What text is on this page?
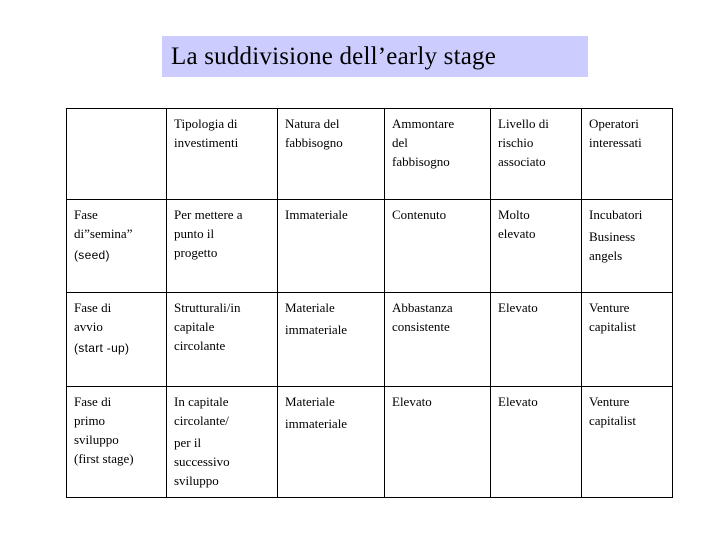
La suddivisione dell’early stage

	Tipologia di
investimenti	Natura del
fabbisogno	Ammontare
del
fabbisogno	Livello di
rischio
associato	Operatori
interessati

Fase
di”semina”
(seed)	Per mettere a
punto il
progetto	Immateriale	Contenuto	Molto
elevato	Incubatori
Business
angels

Fase di
avvio
(start -up)	Strutturali/in
capitale
circolante	Materiale
immateriale	Abbastanza
consistente	Elevato	Venture
capitalist

Fase di
primo
sviluppo
(first stage)	In capitale
circolante/
per il
successivo
sviluppo	Materiale
immateriale	Elevato	Elevato	Venture
capitalist
